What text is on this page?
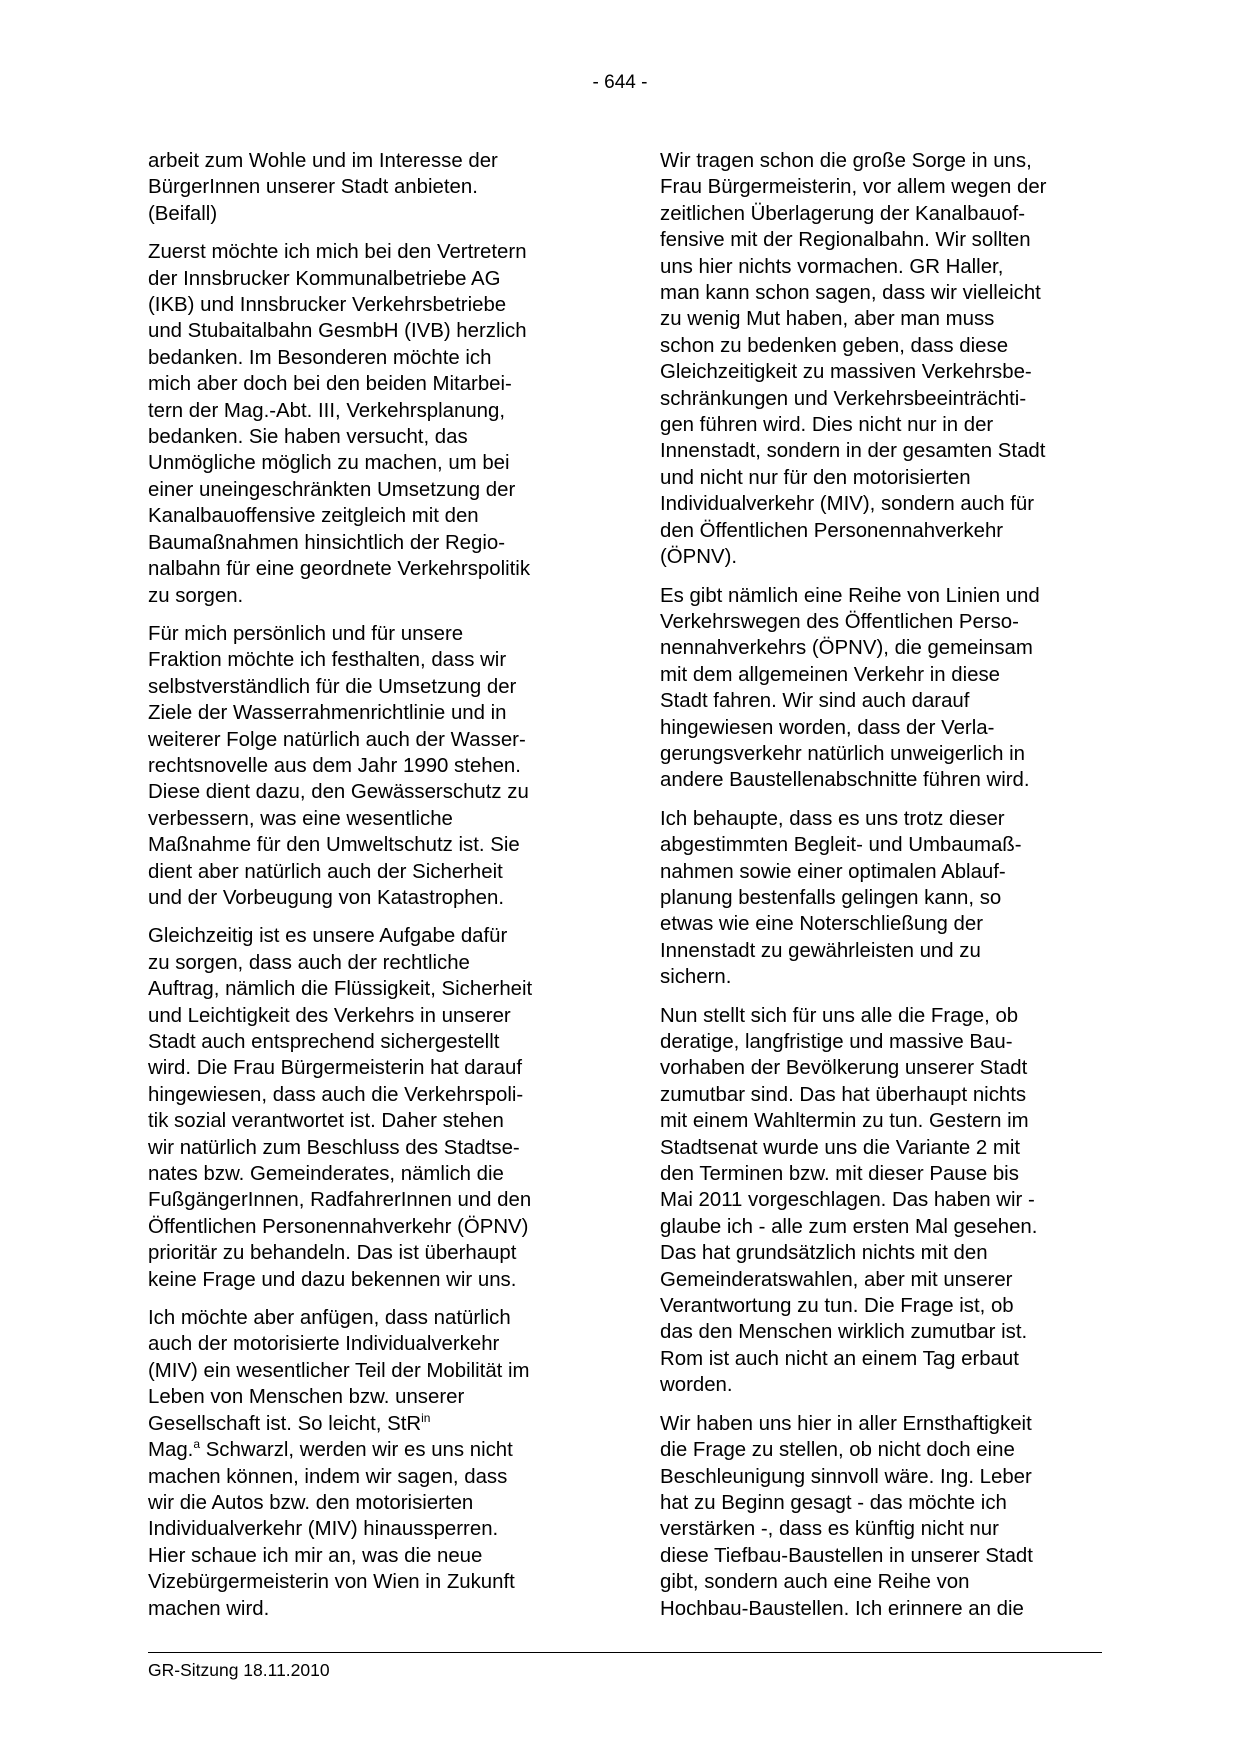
- 644 -

arbeit zum Wohle und im Interesse der
BürgerInnen unserer Stadt anbieten.
(Beifall)

Zuerst möchte ich mich bei den Vertretern
der Innsbrucker Kommunalbetriebe AG
(IKB) und Innsbrucker Verkehrsbetriebe
und Stubaitalbahn GesmbH (IVB) herzlich
bedanken. Im Besonderen möchte ich
mich aber doch bei den beiden Mitarbei-
tern der Mag.-Abt. III, Verkehrsplanung,
bedanken. Sie haben versucht, das
Unmögliche möglich zu machen, um bei
einer uneingeschränkten Umsetzung der
Kanalbauoffensive zeitgleich mit den
Baumaßnahmen hinsichtlich der Regio-
nalbahn für eine geordnete Verkehrspolitik
zu sorgen.

Für mich persönlich und für unsere
Fraktion möchte ich festhalten, dass wir
selbstverständlich für die Umsetzung der
Ziele der Wasserrahmenrichtlinie und in
weiterer Folge natürlich auch der Wasser-
rechtsnovelle aus dem Jahr 1990 stehen.
Diese dient dazu, den Gewässerschutz zu
verbessern, was eine wesentliche
Maßnahme für den Umweltschutz ist. Sie
dient aber natürlich auch der Sicherheit
und der Vorbeugung von Katastrophen.

Gleichzeitig ist es unsere Aufgabe dafür
zu sorgen, dass auch der rechtliche
Auftrag, nämlich die Flüssigkeit, Sicherheit
und Leichtigkeit des Verkehrs in unserer
Stadt auch entsprechend sichergestellt
wird. Die Frau Bürgermeisterin hat darauf
hingewiesen, dass auch die Verkehrspoli-
tik sozial verantwortet ist. Daher stehen
wir natürlich zum Beschluss des Stadtse-
nates bzw. Gemeinderates, nämlich die
FußgängerInnen, RadfahrerInnen und den
Öffentlichen Personennahverkehr (ÖPNV)
prioritär zu behandeln. Das ist überhaupt
keine Frage und dazu bekennen wir uns.

Ich möchte aber anfügen, dass natürlich
auch der motorisierte Individualverkehr
(MIV) ein wesentlicher Teil der Mobilität im
Leben von Menschen bzw. unserer
Gesellschaft ist. So leicht, StR$^{in}$
Mag.$^a$ Schwarzl, werden wir es uns nicht
machen können, indem wir sagen, dass
wir die Autos bzw. den motorisierten
Individualverkehr (MIV) hinaussperren.
Hier schaue ich mir an, was die neue
Vizebürgermeisterin von Wien in Zukunft
machen wird.

Wir tragen schon die große Sorge in uns,
Frau Bürgermeisterin, vor allem wegen der
zeitlichen Überlagerung der Kanalbauof-
fensive mit der Regionalbahn. Wir sollten
uns hier nichts vormachen. GR Haller,
man kann schon sagen, dass wir vielleicht
zu wenig Mut haben, aber man muss
schon zu bedenken geben, dass diese
Gleichzeitigkeit zu massiven Verkehrsbe-
schränkungen und Verkehrsbeeinträchti-
gen führen wird. Dies nicht nur in der
Innenstadt, sondern in der gesamten Stadt
und nicht nur für den motorisierten
Individualverkehr (MIV), sondern auch für
den Öffentlichen Personennahverkehr
(ÖPNV).

Es gibt nämlich eine Reihe von Linien und
Verkehrswegen des Öffentlichen Perso-
nennahverkehrs (ÖPNV), die gemeinsam
mit dem allgemeinen Verkehr in diese
Stadt fahren. Wir sind auch darauf
hingewiesen worden, dass der Verla-
gerungsverkehr natürlich unweigerlich in
andere Baustellenabschnitte führen wird.

Ich behaupte, dass es uns trotz dieser
abgestimmten Begleit- und Umbaumaß-
nahmen sowie einer optimalen Ablauf-
planung bestenfalls gelingen kann, so
etwas wie eine Noterschließung der
Innenstadt zu gewährleisten und zu
sichern.

Nun stellt sich für uns alle die Frage, ob
deratige, langfristige und massive Bau-
vorhaben der Bevölkerung unserer Stadt
zumutbar sind. Das hat überhaupt nichts
mit einem Wahltermin zu tun. Gestern im
Stadtsenat wurde uns die Variante 2 mit
den Terminen bzw. mit dieser Pause bis
Mai 2011 vorgeschlagen. Das haben wir -
glaube ich - alle zum ersten Mal gesehen.
Das hat grundsätzlich nichts mit den
Gemeinderatswahlen, aber mit unserer
Verantwortung zu tun. Die Frage ist, ob
das den Menschen wirklich zumutbar ist.
Rom ist auch nicht an einem Tag erbaut
worden.

Wir haben uns hier in aller Ernsthaftigkeit
die Frage zu stellen, ob nicht doch eine
Beschleunigung sinnvoll wäre. Ing. Leber
hat zu Beginn gesagt - das möchte ich
verstärken -, dass es künftig nicht nur
diese Tiefbau-Baustellen in unserer Stadt
gibt, sondern auch eine Reihe von
Hochbau-Baustellen. Ich erinnere an die

GR-Sitzung 18.11.2010
